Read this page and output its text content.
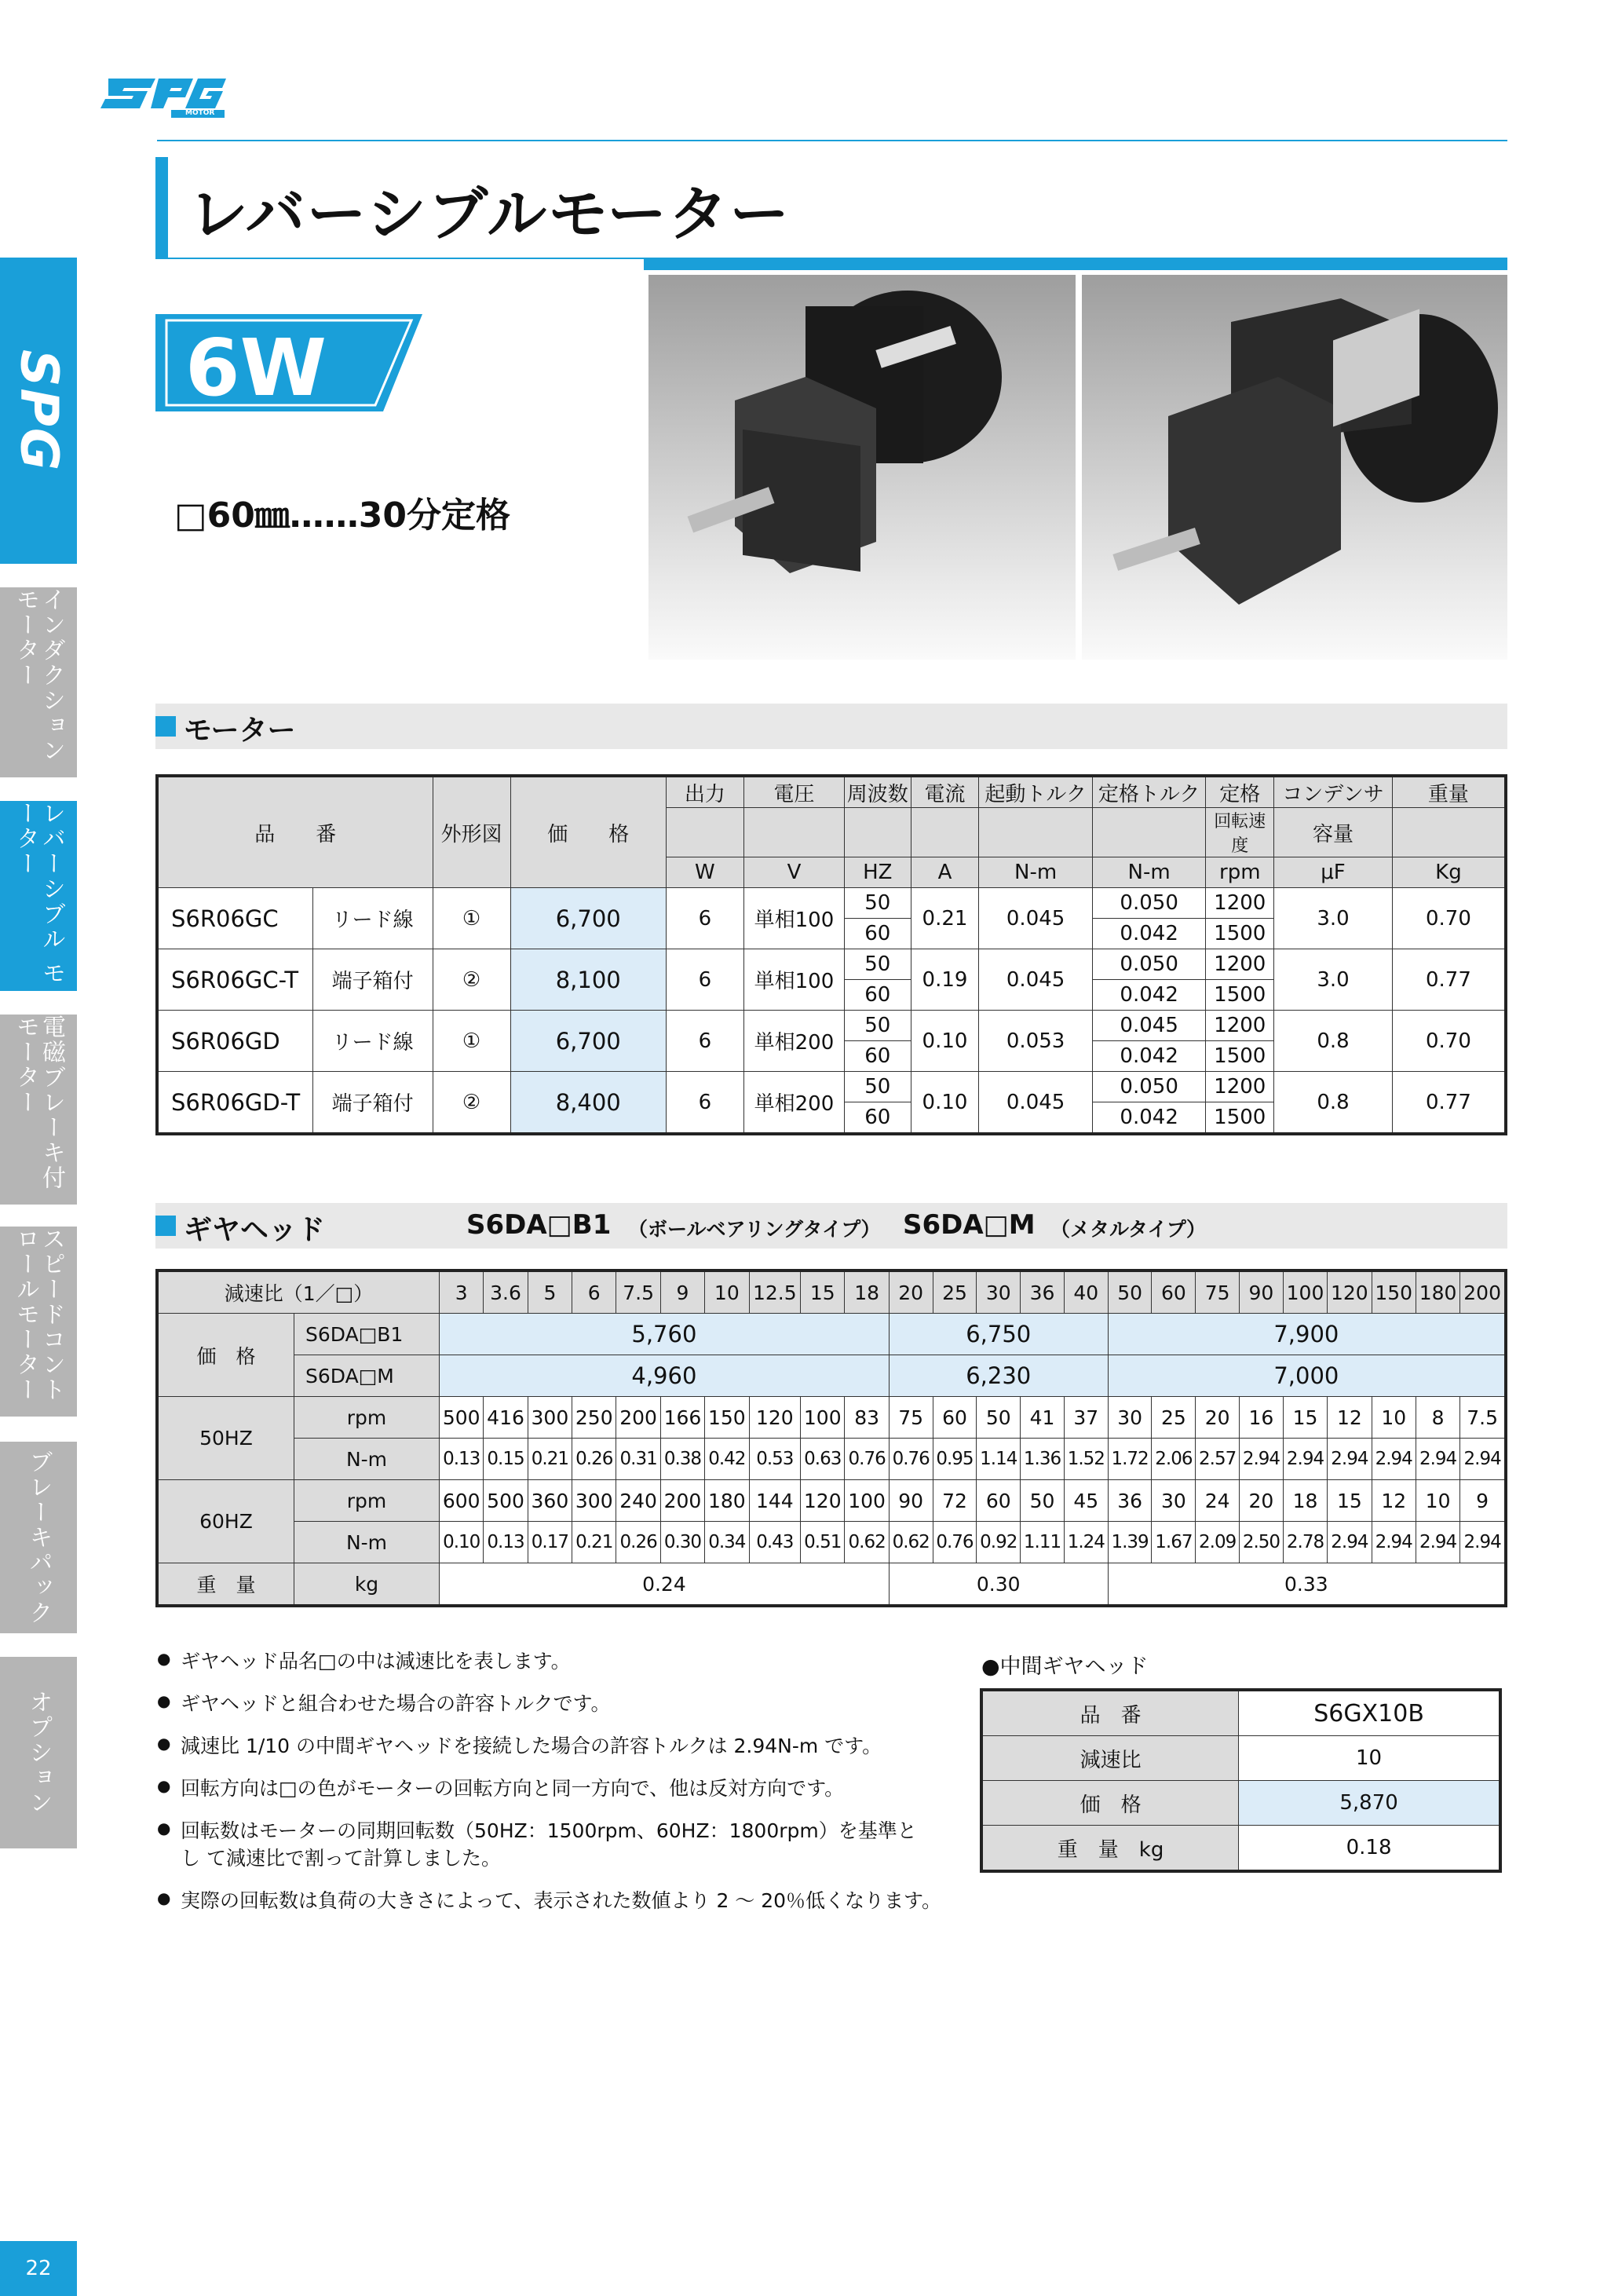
MOTOR
レバーシブルモーター
SPG
インダクション モーター
レバーシブル モーター
電磁ブレーキ付 モーター
スピードコント ロールモーター
ブレーキパック
オプション
6W
□60㎜……30分定格
モーター
品　　番		外形図	価　　格	出力	電圧	周波数	電流	起動トルク	定格トルク	定格	コンデンサ	重量
										回転速度	容量	
				W	V	HZ	A	N-m	N-m	rpm	μF	Kg
S6R06GC	リード線	①	6,700	6	単相100	50	0.21	0.045	0.050	1200	3.0	0.70
						60			0.042	1500		
S6R06GC-T	端子箱付	②	8,100	6	単相100	50	0.19	0.045	0.050	1200	3.0	0.77
						60			0.042	1500		
S6R06GD	リード線	①	6,700	6	単相200	50	0.10	0.053	0.045	1200	0.8	0.70
						60			0.042	1500		
S6R06GD-T	端子箱付	②	8,400	6	単相200	50	0.10	0.045	0.050	1200	0.8	0.77
						60			0.042	1500		
ギヤヘッド	S6DA□B1 （ボールベアリングタイプ） S6DA□M （メタルタイプ）
減速比（1／□）		3	3.6	5	6	7.5	9	10	12.5	15	18	20	25	30	36	40	50	60	75	90	100	120	150	180	200
価　格	S6DA□B1	5,760										6,750					7,900								
	S6DA□M	4,960										6,230					7,000								
50HZ	rpm	500	416	300	250	200	166	150	120	100	83	75	60	50	41	37	30	25	20	16	15	12	10	8	7.5
	N-m	0.13	0.15	0.21	0.26	0.31	0.38	0.42	0.53	0.63	0.76	0.76	0.95	1.14	1.36	1.52	1.72	2.06	2.57	2.94	2.94	2.94	2.94	2.94	2.94
60HZ	rpm	600	500	360	300	240	200	180	144	120	100	90	72	60	50	45	36	30	24	20	18	15	12	10	9
	N-m	0.10	0.13	0.17	0.21	0.26	0.30	0.34	0.43	0.51	0.62	0.62	0.76	0.92	1.11	1.24	1.39	1.67	2.09	2.50	2.78	2.94	2.94	2.94	2.94
重　量	kg	0.24										0.30					0.33								
● ギヤヘッド品名□の中は減速比を表します。
● ギヤヘッドと組合わせた場合の許容トルクです。
● 減速比 1/10 の中間ギヤヘッドを接続した場合の許容トルクは 2.94N-m です。
● 回転方向は□の色がモーターの回転方向と同一方向で、他は反対方向です。
● 回転数はモーターの同期回転数（50HZ：1500rpm、60HZ：1800rpm）を基準とし て減速比で割って計算しました。
● 実際の回転数は負荷の大きさによって、表示された数値より 2 ～ 20％低くなります。
●中間ギヤヘッド
品　番	S6GX10B
減速比	10
価　格	5,870
重　量　kg	0.18
22
